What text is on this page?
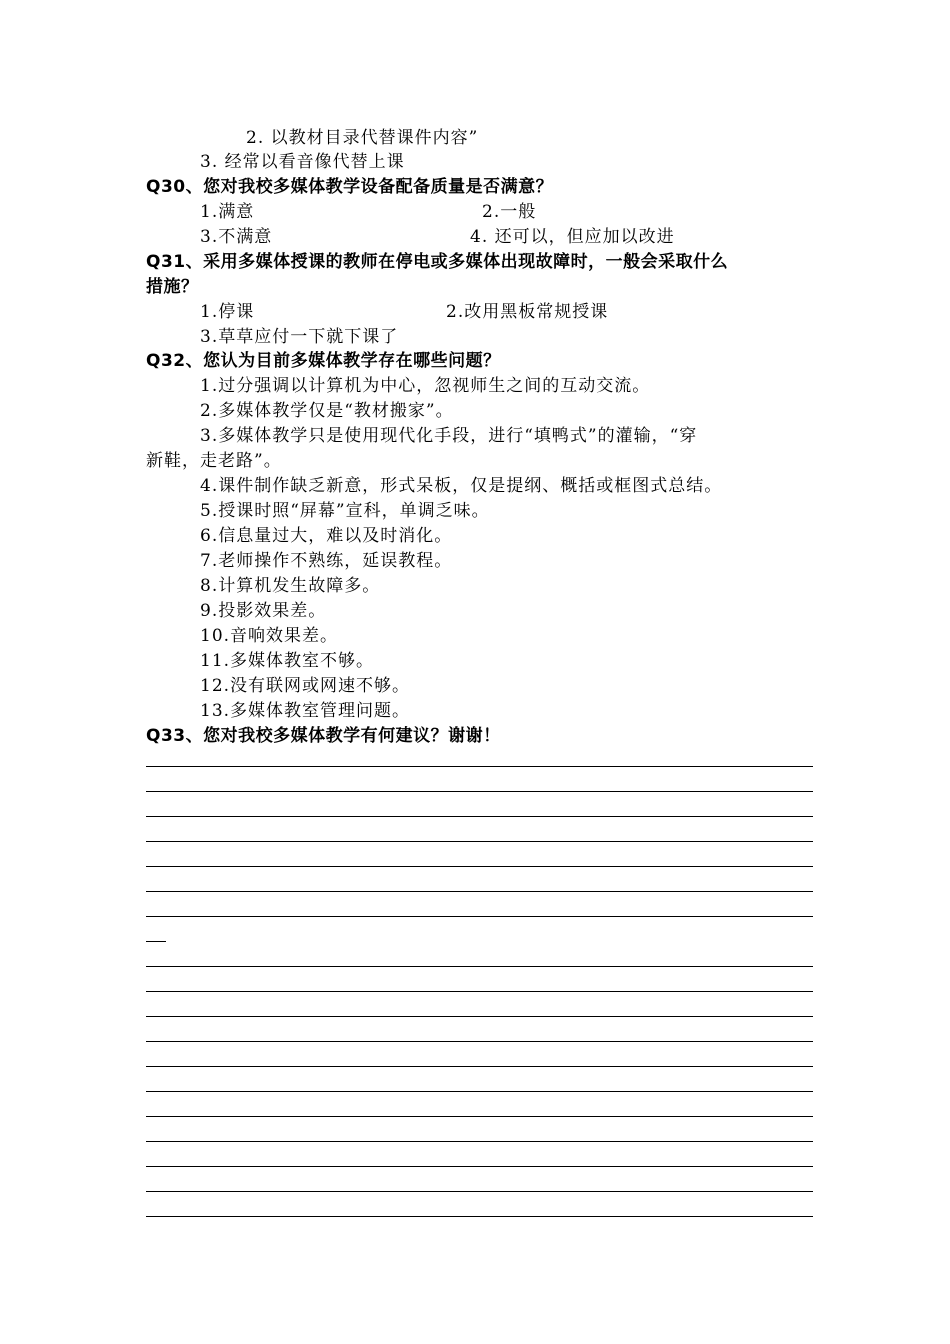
2. 以教材目录代替课件内容”
3. 经常以看音像代替上课
Q30、您对我校多媒体教学设备配备质量是否满意？
1.满意	2.一般
3.不满意	4. 还可以，但应加以改进
Q31、采用多媒体授课的教师在停电或多媒体出现故障时，一般会采取什么
措施？
1.停课	2.改用黑板常规授课
3.草草应付一下就下课了
Q32、您认为目前多媒体教学存在哪些问题？
1.过分强调以计算机为中心，忽视师生之间的互动交流。
2.多媒体教学仅是“教材搬家”。
3.多媒体教学只是使用现代化手段，进行“填鸭式”的灌输，“穿
新鞋，走老路”。
4.课件制作缺乏新意，形式呆板，仅是提纲、概括或框图式总结。
5.授课时照“屏幕”宣科，单调乏味。
6.信息量过大，难以及时消化。
7.老师操作不熟练，延误教程。
8.计算机发生故障多。
9.投影效果差。
10.音响效果差。
11.多媒体教室不够。
12.没有联网或网速不够。
13.多媒体教室管理问题。
Q33、您对我校多媒体教学有何建议？谢谢！
